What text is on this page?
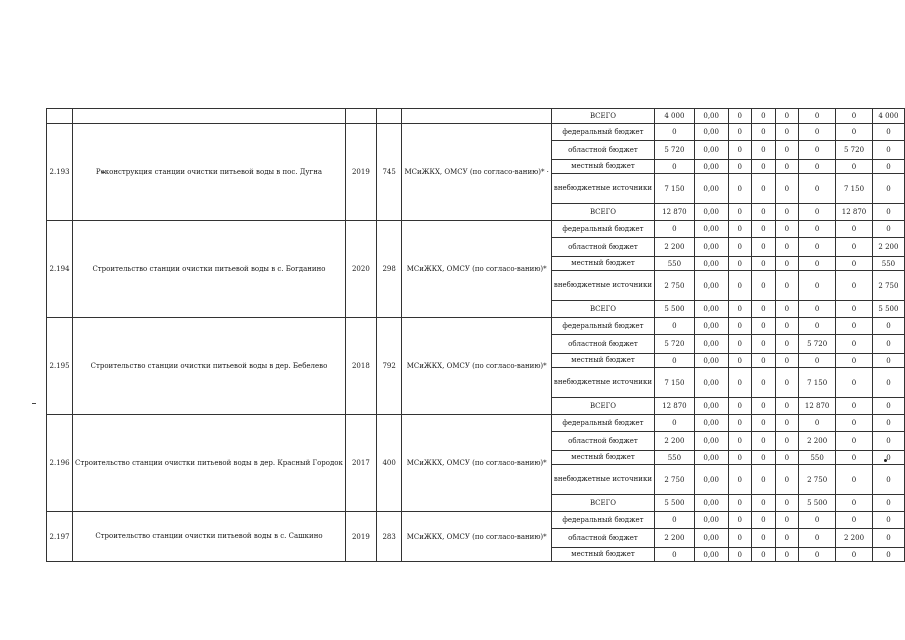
					ВСЕГО	4 000	0,00	0	0	0	0	0	4 000
2.193	Реконструкция станции очистки питьевой воды в пос. Дугна	2019	745	МСиЖКХ, ОМСУ (по согласо-ванию)* ·	федеральный бюджет	0	0,00	0	0	0	0	0	0
					областной бюджет	5 720	0,00	0	0	0	0	5 720	0
					местный бюджет	0	0,00	0	0	0	0	0	0
					внебюджетные источники	7 150	0,00	0	0	0	0	7 150	0
					ВСЕГО	12 870	0,00	0	0	0	0	12 870	0
2.194	Строительство станции очистки питьевой воды в с. Богданино	2020	298	МСиЖКХ, ОМСУ (по согласо-ванию)*	федеральный бюджет	0	0,00	0	0	0	0	0	0
					областной бюджет	2 200	0,00	0	0	0	0	0	2 200
					местный бюджет	550	0,00	0	0	0	0	0	550
					внебюджетные источники	2 750	0,00	0	0	0	0	0	2 750
					ВСЕГО	5 500	0,00	0	0	0	0	0	5 500
2.195	Строительство станции очистки питьевой воды в дер. Бебелево	2018	792	МСиЖКХ, ОМСУ (по согласо-ванию)*	федеральный бюджет	0	0,00	0	0	0	0	0	0
					областной бюджет	5 720	0,00	0	0	0	5 720	0	0
					местный бюджет	0	0,00	0	0	0	0	0	0
					внебюджетные источники	7 150	0,00	0	0	0	7 150	0	0
					ВСЕГО	12 870	0,00	0	0	0	12 870	0	0
2.196	Строительство станции очистки питьевой воды в дер. Красный Городок	2017	400	МСиЖКХ, ОМСУ (по согласо-ванию)*	федеральный бюджет	0	0,00	0	0	0	0	0	0
					областной бюджет	2 200	0,00	0	0	0	2 200	0	0
					местный бюджет	550	0,00	0	0	0	550	0	0
					внебюджетные источники	2 750	0,00	0	0	0	2 750	0	0
					ВСЕГО	5 500	0,00	0	0	0	5 500	0	0
2.197	Строительство станции очистки питьевой воды в с. Сашкино	2019	283	МСиЖКХ, ОМСУ (по согласо-ванию)*	федеральный бюджет	0	0,00	0	0	0	0	0	0
					областной бюджет	2 200	0,00	0	0	0	0	2 200	0
					местный бюджет	0	0,00	0	0	0	0	0	0
